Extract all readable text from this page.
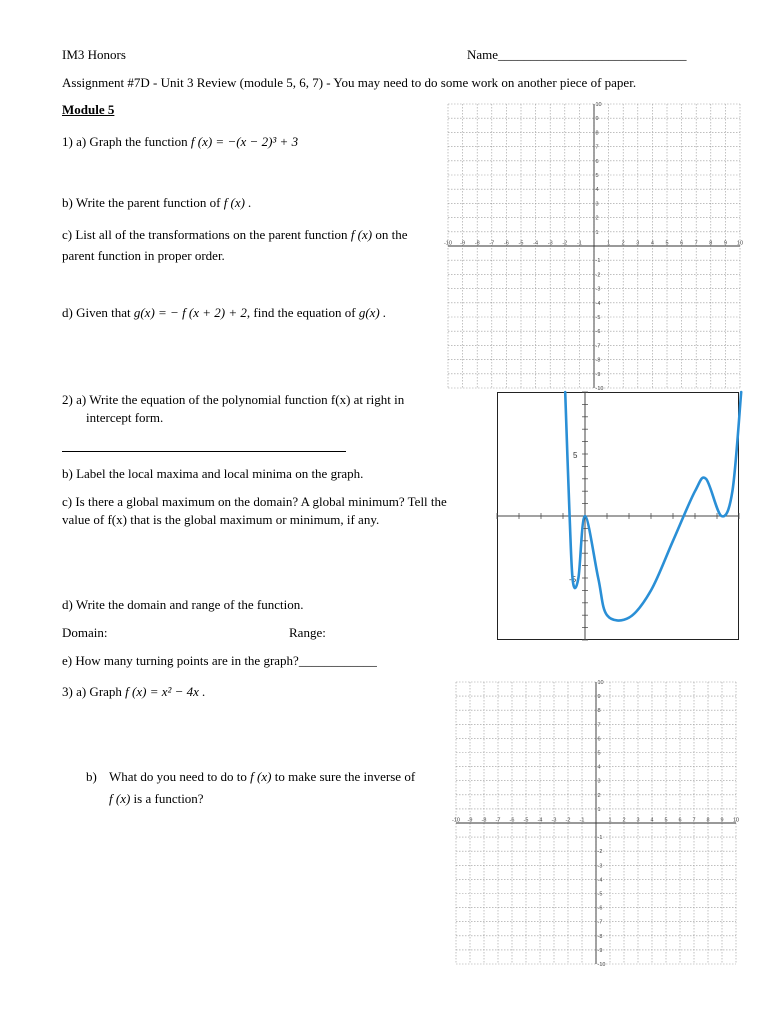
IM3 Honors	Name_____________________________
Assignment #7D - Unit 3 Review (module 5, 6, 7) - You may need to do some work on another piece of paper.
Module 5
1) a) Graph the function f (x) = −(x − 2)³ + 3
b) Write the parent function of f (x) .
c) List all of the transformations on the parent function f (x) on the
parent function in proper order.
d) Given that g(x) = − f (x + 2) + 2, find the equation of g(x) .
2) a) Write the equation of the polynomial function f(x) at right in
intercept form.
b) Label the local maxima and local minima on the graph.
c) Is there a global maximum on the domain? A global minimum? Tell the
value of f(x) that is the global maximum or minimum, if any.
d) Write the domain and range of the function.
Domain:	Range:
e) How many turning points are in the graph?____________
3) a) Graph f (x) = x² − 4x .
b) What do you need to do to f (x) to make sure the inverse of
f (x) is a function?
-10 -9 -8 -7 -6 -5 -4 -3 -2 -1	1 2 3 4 5 6 7 8 9 10
10
9
8
7
6
5
4
3
2
1
-1
-2
-3
-4
-5
-6
-7
-8
-9
-10
5
-5
-10 -9 -8 -7 -6 -5 -4 -3 -2 -1	1 2 3 4 5 6 7 8 9 10
10
9
8
7
6
5
4
3
2
1
-1
-2
-3
-4
-5
-6
-7
-8
-9
-10
